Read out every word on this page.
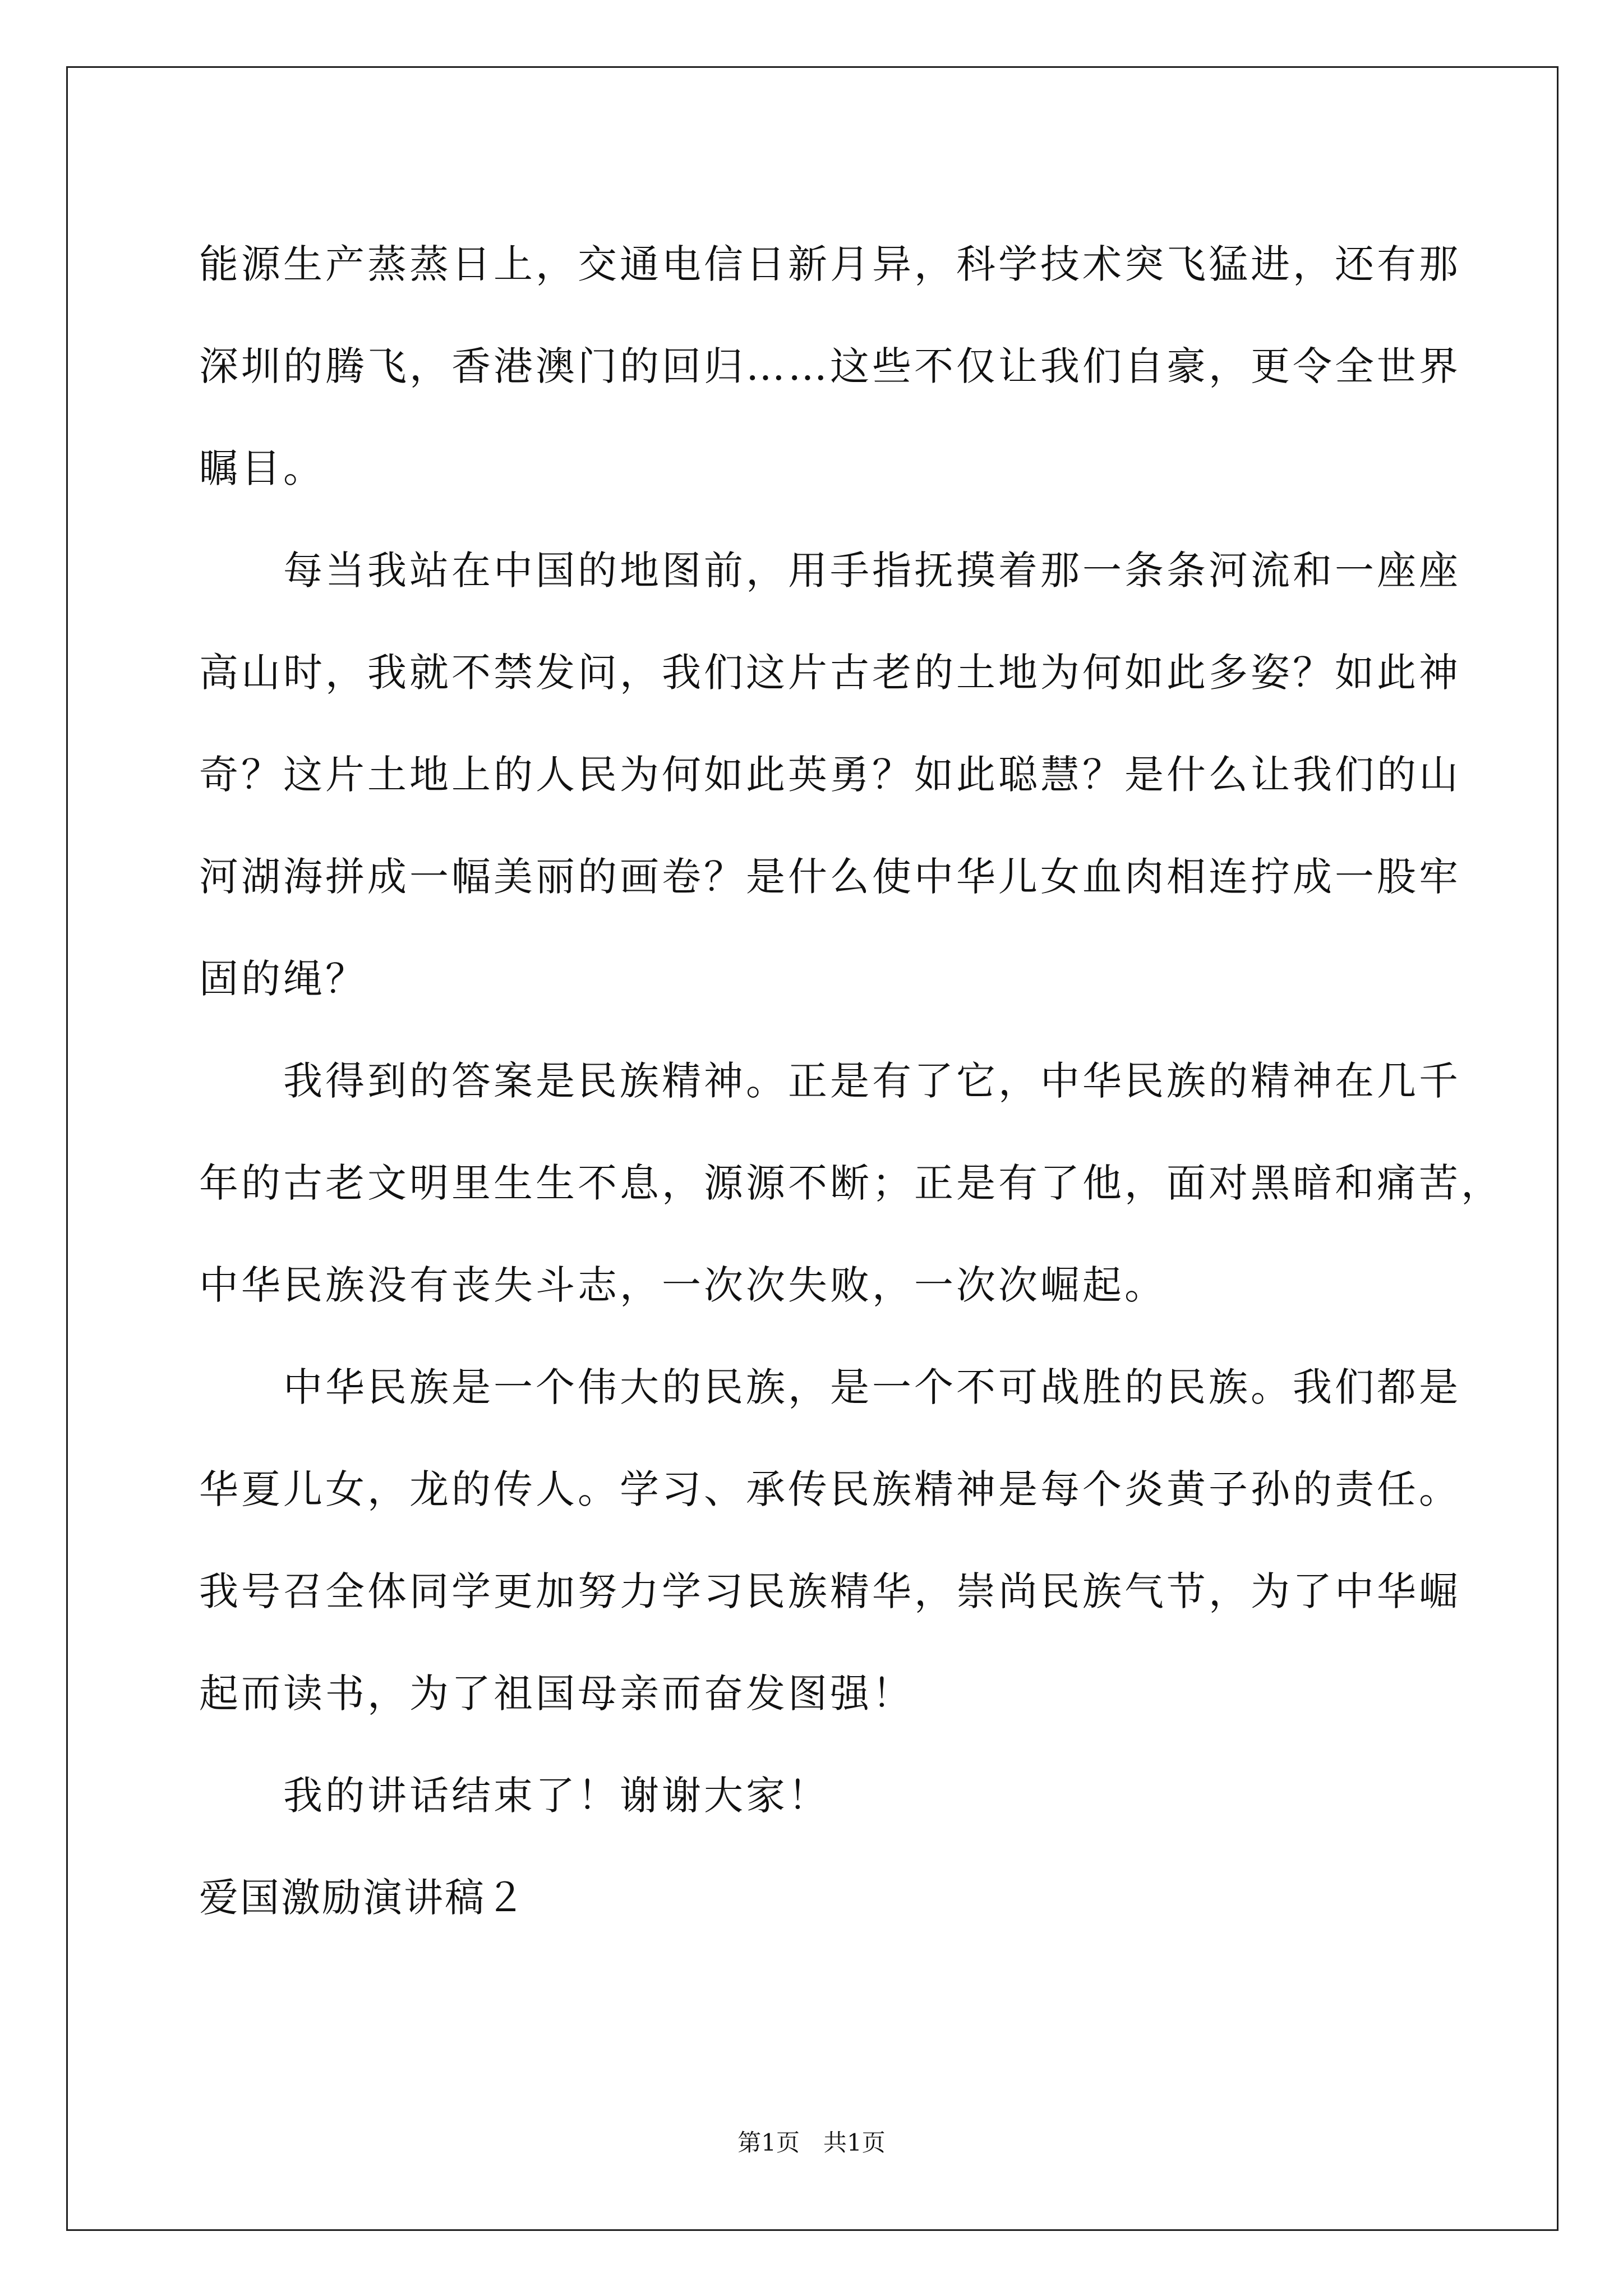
能源生产蒸蒸日上，交通电信日新月异，科学技术突飞猛进，还有那
深圳的腾飞，香港澳门的回归……这些不仅让我们自豪，更令全世界
瞩目。
每当我站在中国的地图前，用手指抚摸着那一条条河流和一座座
高山时，我就不禁发问，我们这片古老的土地为何如此多姿？如此神
奇？这片土地上的人民为何如此英勇？如此聪慧？是什么让我们的山
河湖海拼成一幅美丽的画卷？是什么使中华儿女血肉相连拧成一股牢
固的绳？
我得到的答案是民族精神。正是有了它，中华民族的精神在几千
年的古老文明里生生不息，源源不断；正是有了他，面对黑暗和痛苦，
中华民族没有丧失斗志，一次次失败，一次次崛起。
中华民族是一个伟大的民族，是一个不可战胜的民族。我们都是
华夏儿女，龙的传人。学习、承传民族精神是每个炎黄子孙的责任。
我号召全体同学更加努力学习民族精华，崇尚民族气节，为了中华崛
起而读书，为了祖国母亲而奋发图强！
我的讲话结束了！谢谢大家！
爱国激励演讲稿２
第1页　共1页
